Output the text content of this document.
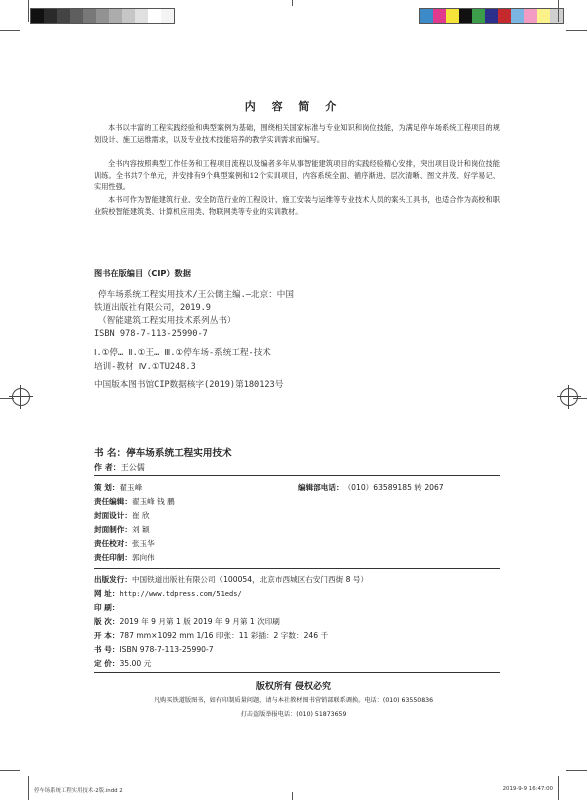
内 容 简 介
本书以丰富的工程实践经验和典型案例为基础，围绕相关国家标准与专业知识和岗位技能，为满足停车场系统工程项目的规划设计、施工运维需求，以及专业技术技能培养的教学实训需求而编写。
全书内容按照典型工作任务和工程项目流程以及编者多年从事智能建筑项目的实践经验精心安排，突出项目设计和岗位技能训练。全书共7个单元，并安排有9个典型案例和12个实训项目，内容系统全面、循序渐进、层次清晰、图文并茂、好学易记、实用性强。
本书可作为智能建筑行业、安全防范行业的工程设计、施工安装与运维等专业技术人员的案头工具书，也适合作为高校和职业院校智能建筑类、计算机应用类、物联网类等专业的实训教材。
图书在版编目（CIP）数据
停车场系统工程实用技术/王公儒主编.—北京：中国
铁道出版社有限公司，2019.9
（智能建筑工程实用技术系列丛书）
ISBN 978-7-113-25990-7
Ⅰ.①停… Ⅱ.①王… Ⅲ.①停车场-系统工程-技术
培训-教材 Ⅳ.①TU248.3
中国版本图书馆CIP数据核字(2019)第180123号
书 名：停车场系统工程实用技术
作 者：王公儒
策 划：翟玉峰
责任编辑：翟玉峰 钱 鹏
封面设计：崔 欣
封面制作：刘 颖
责任校对：张玉华
责任印制：郭向伟
编辑部电话：（010）63589185 转 2067
出版发行：中国铁道出版社有限公司（100054，北京市西城区右安门西街 8 号）
网 址：http://www.tdpress.com/51eds/
印 刷：
版 次：2019 年 9 月第 1 版 2019 年 9 月第 1 次印刷
开 本：787 mm×1092 mm 1/16 印张：11 彩插：2 字数：246 千
书 号：ISBN 978-7-113-25990-7
定 价：35.00 元
版权所有 侵权必究
凡购买铁道版图书，如有印制质量问题，请与本社教材图书营销部联系调换。电话：(010) 63550836
打击盗版举报电话：(010) 51873659
停车场系统工程实用技术-2版.indd 2	2019-9-9 16:47:00
